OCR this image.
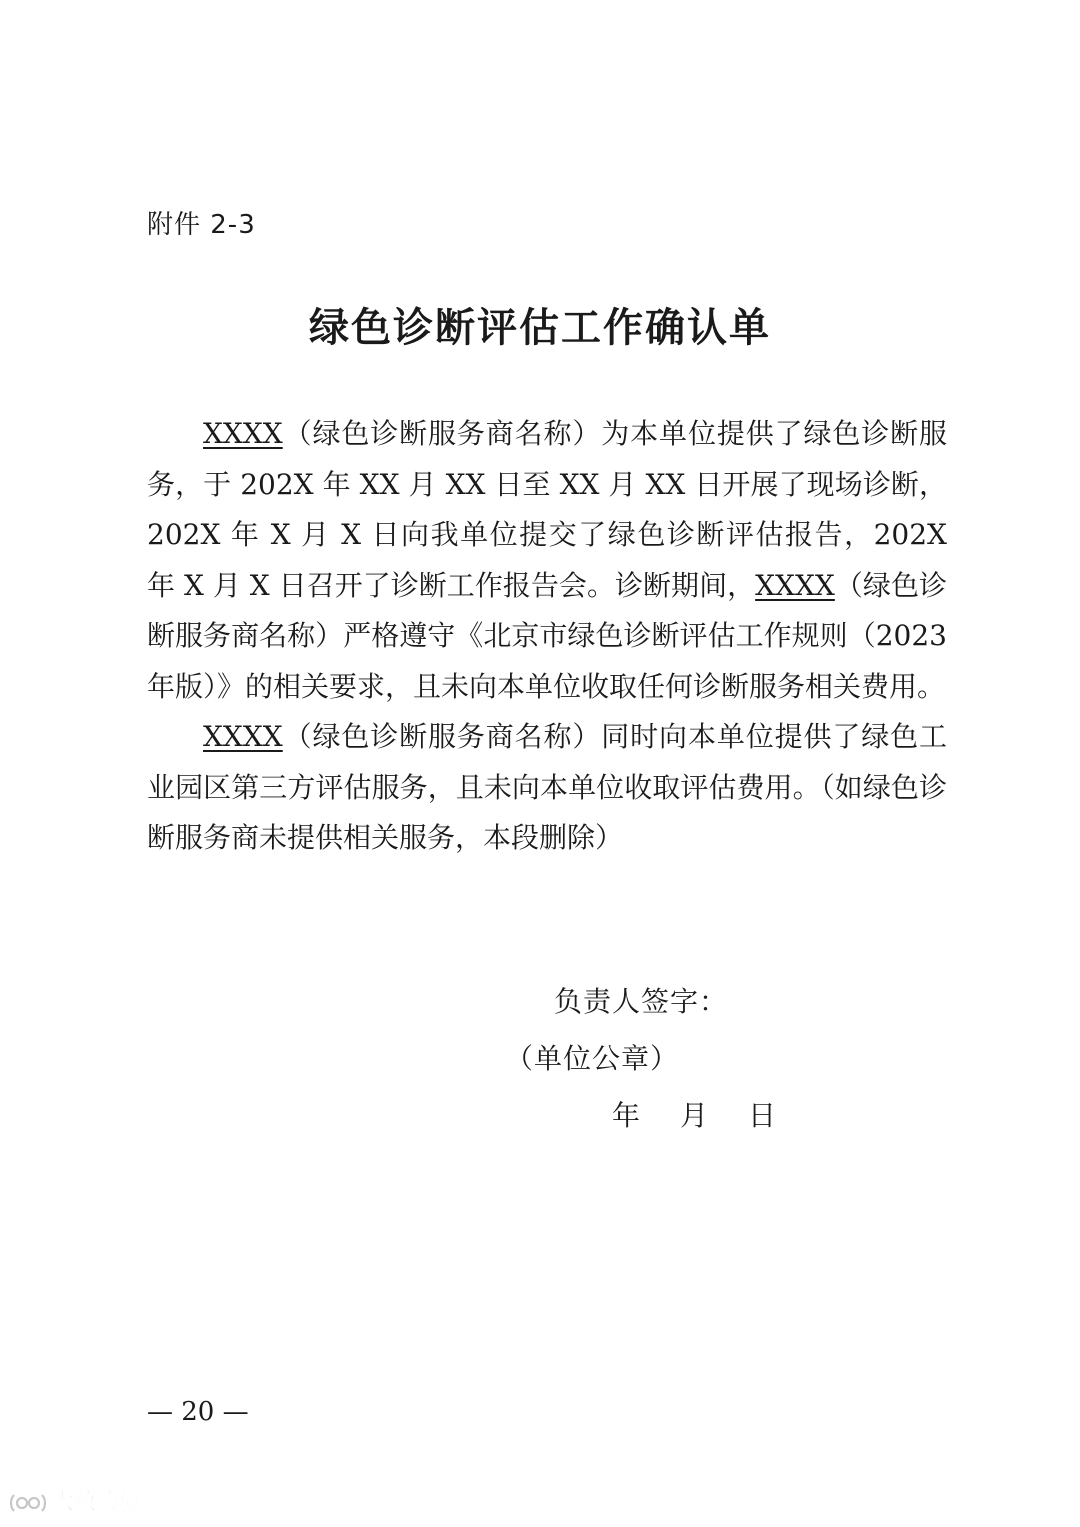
附件 2-3
绿色诊断评估工作确认单

XXXX（绿色诊断服务商名称）为本单位提供了绿色诊断服务，于 202X 年 XX 月 XX 日至 XX 月 XX 日开展了现场诊断，202X 年 X 月 X 日向我单位提交了绿色诊断评估报告，202X 年 X 月 X 日召开了诊断工作报告会。诊断期间，XXXX（绿色诊断服务商名称）严格遵守《北京市绿色诊断评估工作规则（2023 年版）》的相关要求，且未向本单位收取任何诊断服务相关费用。

XXXX（绿色诊断服务商名称）同时向本单位提供了绿色工业园区第三方评估服务，且未向本单位收取评估费用。（如绿色诊断服务商未提供相关服务，本段删除）

负责人签字：
（单位公章）
年 月 日
— 20 —
大数跨境
